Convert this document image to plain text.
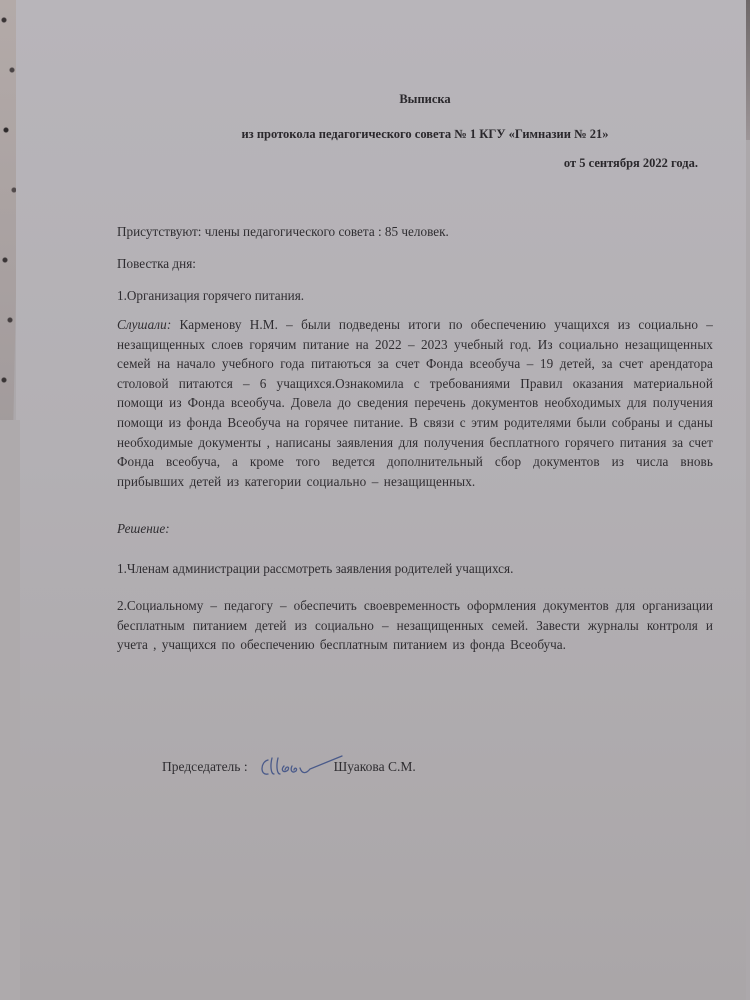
Выписка
из протокола педагогического совета № 1 КГУ «Гимназии № 21»
от 5 сентября 2022 года.
Присутствуют: члены педагогического совета : 85 человек.
Повестка дня:
1.Организация горячего питания.
Слушали: Карменову Н.М. – были подведены итоги по обеспечению учащихся из социально – незащищенных слоев горячим питание на 2022 – 2023 учебный год. Из социально незащищенных семей на начало учебного года питаються за счет Фонда всеобуча – 19 детей, за счет арендатора столовой питаются – 6 учащихся.Ознакомила с требованиями Правил оказания материальной помощи из Фонда всеобуча. Довела до сведения перечень документов необходимых для получения помощи из фонда Всеобуча на горячее питание. В связи с этим родителями были собраны и сданы необходимые документы , написаны заявления для получения бесплатного горячего питания за счет Фонда всеобуча, а кроме того ведется дополнительный сбор документов из числа вновь прибывших детей из категории социально – незащищенных.
Решение:
1.Членам администрации рассмотреть заявления родителей учащихся.
2.Социальному – педагогу – обеспечить своевременность оформления документов для организации бесплатным питанием детей из социально – незащищенных семей. Завести журналы контроля и учета , учащихся по обеспечению бесплатным питанием из фонда Всеобуча.
Председатель :	Шуакова С.М.
